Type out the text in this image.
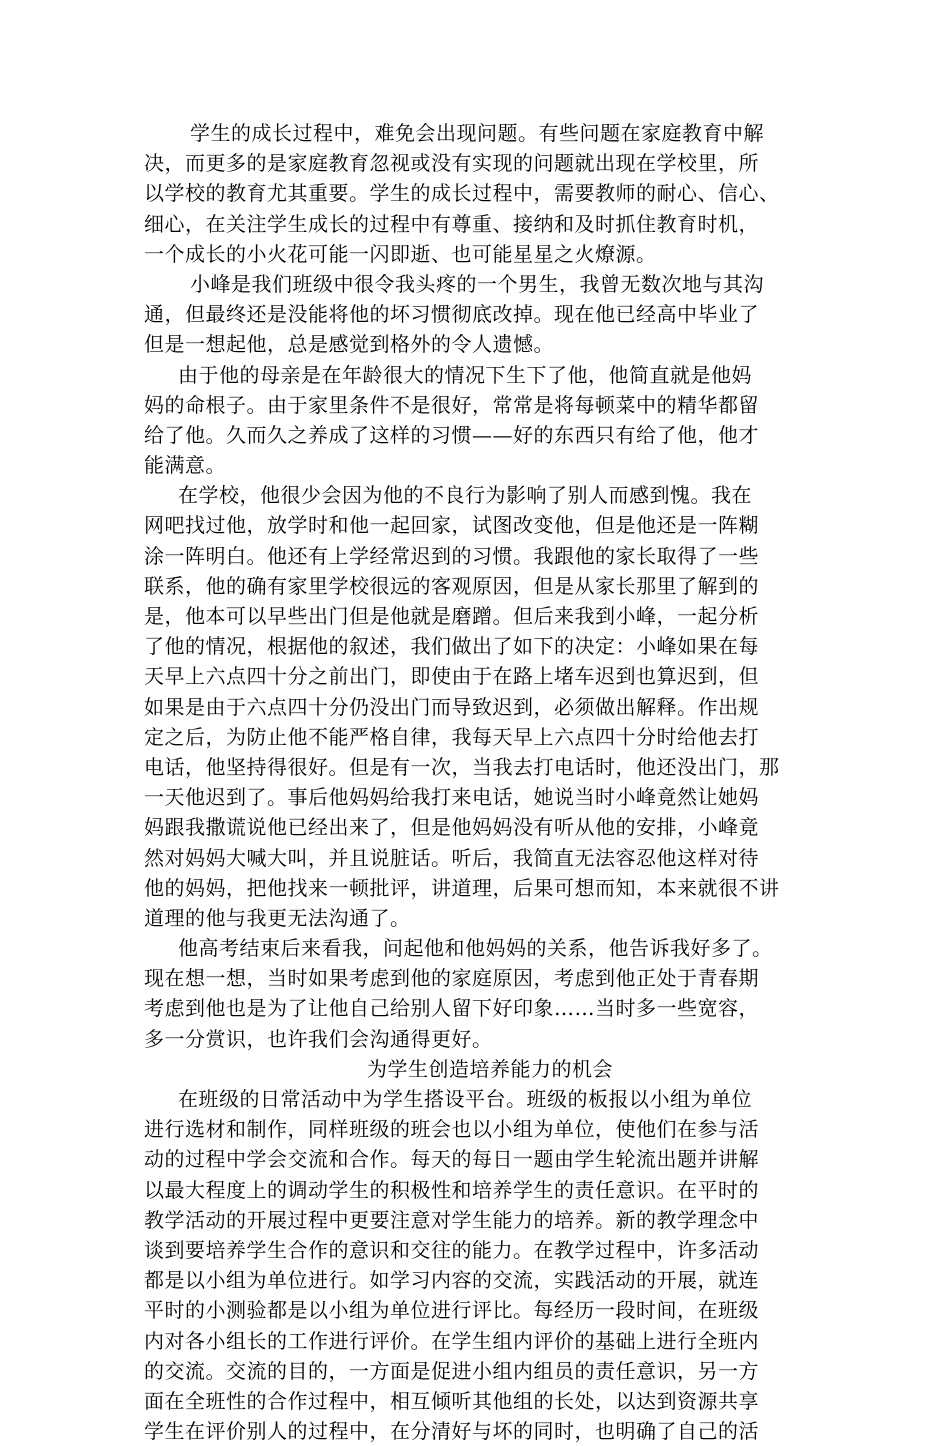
学生的成长过程中，难免会出现问题。有些问题在家庭教育中解
决，而更多的是家庭教育忽视或没有实现的问题就出现在学校里，所
以学校的教育尤其重要。学生的成长过程中，需要教师的耐心、信心、
细心，在关注学生成长的过程中有尊重、接纳和及时抓住教育时机，
一个成长的小火花可能一闪即逝、也可能星星之火燎源。
小峰是我们班级中很令我头疼的一个男生，我曾无数次地与其沟
通，但最终还是没能将他的坏习惯彻底改掉。现在他已经高中毕业了
但是一想起他，总是感觉到格外的令人遗憾。
由于他的母亲是在年龄很大的情况下生下了他，他简直就是他妈
妈的命根子。由于家里条件不是很好，常常是将每顿菜中的精华都留
给了他。久而久之养成了这样的习惯——好的东西只有给了他，他才
能满意。
在学校，他很少会因为他的不良行为影响了别人而感到愧。我在
网吧找过他，放学时和他一起回家，试图改变他，但是他还是一阵糊
涂一阵明白。他还有上学经常迟到的习惯。我跟他的家长取得了一些
联系，他的确有家里学校很远的客观原因，但是从家长那里了解到的
是，他本可以早些出门但是他就是磨蹭。但后来我到小峰，一起分析
了他的情况，根据他的叙述，我们做出了如下的决定：小峰如果在每
天早上六点四十分之前出门，即使由于在路上堵车迟到也算迟到，但
如果是由于六点四十分仍没出门而导致迟到，必须做出解释。作出规
定之后，为防止他不能严格自律，我每天早上六点四十分时给他去打
电话，他坚持得很好。但是有一次，当我去打电话时，他还没出门，那
一天他迟到了。事后他妈妈给我打来电话，她说当时小峰竟然让她妈
妈跟我撒谎说他已经出来了，但是他妈妈没有听从他的安排，小峰竟
然对妈妈大喊大叫，并且说脏话。听后，我简直无法容忍他这样对待
他的妈妈，把他找来一顿批评，讲道理，后果可想而知，本来就很不讲
道理的他与我更无法沟通了。
他高考结束后来看我，问起他和他妈妈的关系，他告诉我好多了。
现在想一想，当时如果考虑到他的家庭原因，考虑到他正处于青春期
考虑到他也是为了让他自己给别人留下好印象……当时多一些宽容，
多一分赏识，也许我们会沟通得更好。
为学生创造培养能力的机会
在班级的日常活动中为学生搭设平台。班级的板报以小组为单位
进行选材和制作，同样班级的班会也以小组为单位，使他们在参与活
动的过程中学会交流和合作。每天的每日一题由学生轮流出题并讲解
以最大程度上的调动学生的积极性和培养学生的责任意识。在平时的
教学活动的开展过程中更要注意对学生能力的培养。新的教学理念中
谈到要培养学生合作的意识和交往的能力。在教学过程中，许多活动
都是以小组为单位进行。如学习内容的交流，实践活动的开展，就连
平时的小测验都是以小组为单位进行评比。每经历一段时间，在班级
内对各小组长的工作进行评价。在学生组内评价的基础上进行全班内
的交流。交流的目的，一方面是促进小组内组员的责任意识，另一方
面在全班性的合作过程中，相互倾听其他组的长处，以达到资源共享
学生在评价别人的过程中，在分清好与坏的同时，也明确了自己的活
